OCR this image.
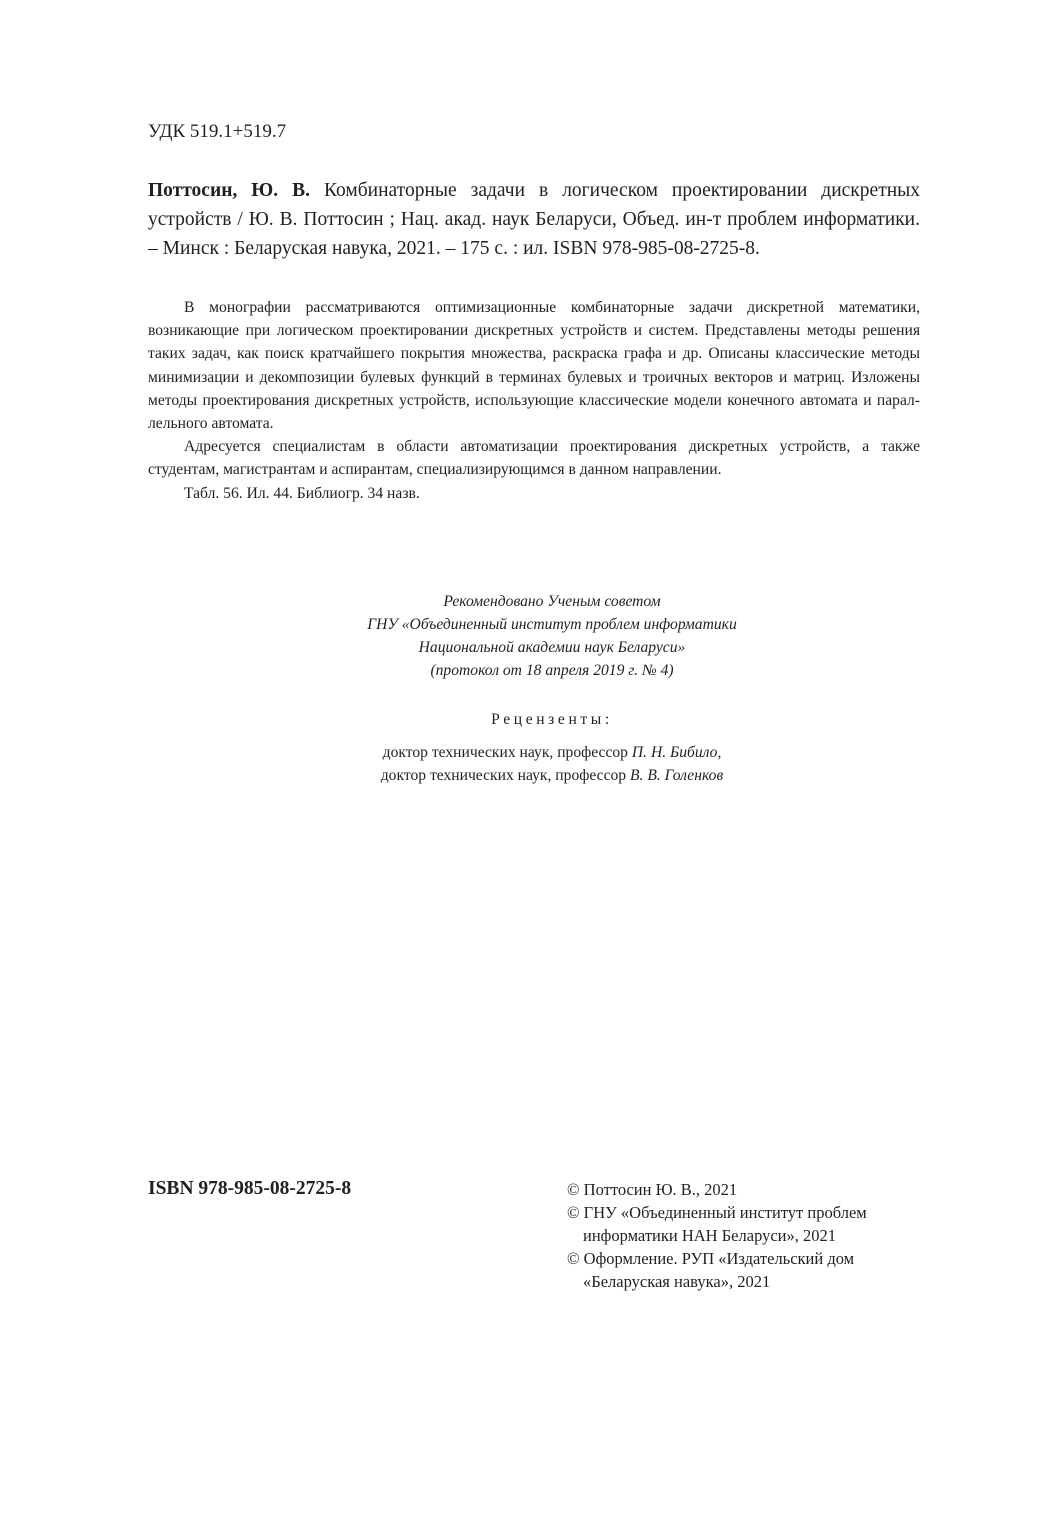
УДК 519.1+519.7

Поттосин, Ю. В. Комбинаторные задачи в логическом проектировании дискретных устройств / Ю. В. Поттосин ; Нац. акад. наук Беларуси, Объед. ин-т проблем информатики. – Минск : Беларуская навука, 2021. – 175 с. : ил. ISBN 978-985-08-2725-8.

В монографии рассматриваются оптимизационные комбинаторные задачи дискретной математики, возникающие при логическом проектировании дискретных устройств и систем. Представлены методы решения таких задач, как поиск кратчайшего покрытия множества, раскраска графа и др. Описаны классические методы минимизации и декомпозиции булевых функций в терминах булевых и троичных векторов и матриц. Изложены методы проектирования дискретных устройств, использующие классические модели конечного автомата и параллельного автомата.

Адресуется специалистам в области автоматизации проектирования дискретных устройств, а также студентам, магистрантам и аспирантам, специализирующимся в данном направлении.

Табл. 56. Ил. 44. Библиогр. 34 назв.

Рекомендовано Ученым советом
ГНУ «Объединенный институт проблем информатики
Национальной академии наук Беларуси»
(протокол от 18 апреля 2019 г. № 4)

Рецензенты:

доктор технических наук, профессор П. Н. Бибило,
доктор технических наук, профессор В. В. Голенков

ISBN 978-985-08-2725-8	© Поттосин Ю. В., 2021
© ГНУ «Объединенный институт проблем
информатики НАН Беларуси», 2021
© Оформление. РУП «Издательский дом
«Беларуская навука», 2021
